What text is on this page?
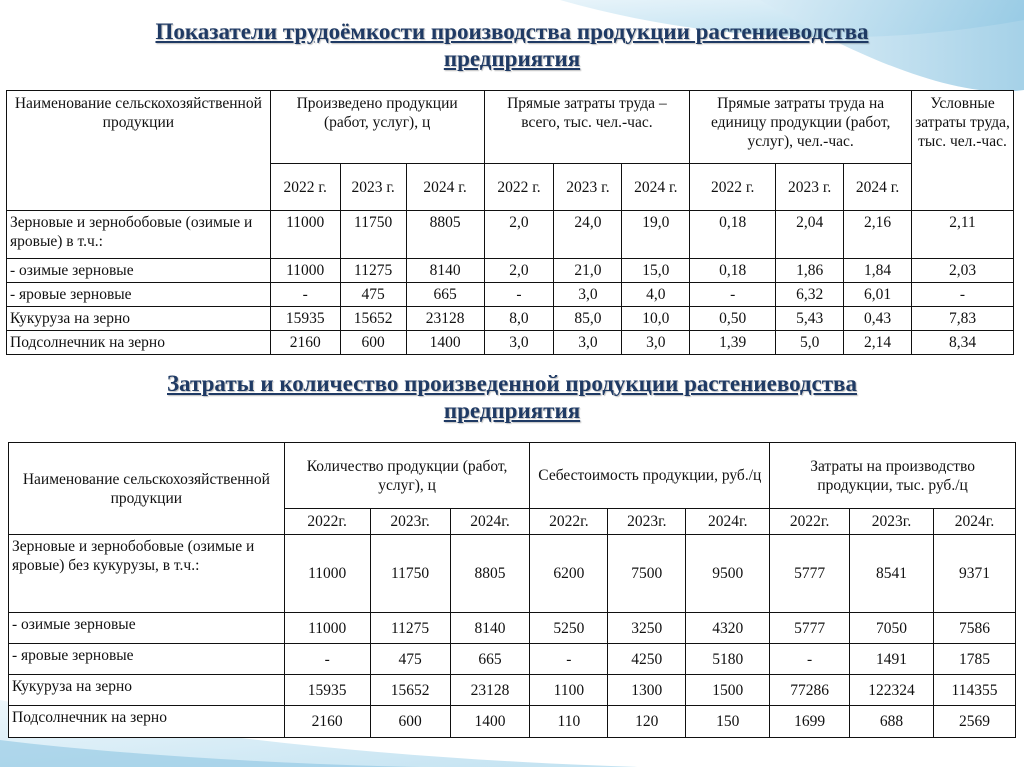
Показатели трудоёмкости производства продукции растениеводства
предприятия
Наименование сельскохозяйственной продукции	Произведено продукции (работ, услуг), ц			Прямые затраты труда – всего, тыс. чел.-час.			Прямые затраты труда на единицу продукции (работ, услуг), чел.-час.			Условные затраты труда, тыс. чел.-час.
	2022 г.	2023 г.	2024 г.	2022 г.	2023 г.	2024 г.	2022 г.	2023 г.	2024 г.	
Зерновые и зернобобовые (озимые и яровые) в т.ч.:	11000	11750	8805	2,0	24,0	19,0	0,18	2,04	2,16	2,11
- озимые зерновые	11000	11275	8140	2,0	21,0	15,0	0,18	1,86	1,84	2,03
- яровые зерновые	-	475	665	-	3,0	4,0	-	6,32	6,01	-
Кукуруза на зерно	15935	15652	23128	8,0	85,0	10,0	0,50	5,43	0,43	7,83
Подсолнечник на зерно	2160	600	1400	3,0	3,0	3,0	1,39	5,0	2,14	8,34
Затраты и количество произведенной продукции растениеводства
предприятия
Наименование сельскохозяйственной продукции	Количество продукции (работ, услуг), ц			Себестоимость продукции, руб./ц			Затраты на производство продукции, тыс. руб./ц		
	2022г.	2023г.	2024г.	2022г.	2023г.	2024г.	2022г.	2023г.	2024г.
Зерновые и зернобобовые (озимые и яровые) без кукурузы, в т.ч.:	11000	11750	8805	6200	7500	9500	5777	8541	9371
- озимые зерновые	11000	11275	8140	5250	3250	4320	5777	7050	7586
- яровые зерновые	-	475	665	-	4250	5180	-	1491	1785
Кукуруза на зерно	15935	15652	23128	1100	1300	1500	77286	122324	114355
Подсолнечник на зерно	2160	600	1400	110	120	150	1699	688	2569
